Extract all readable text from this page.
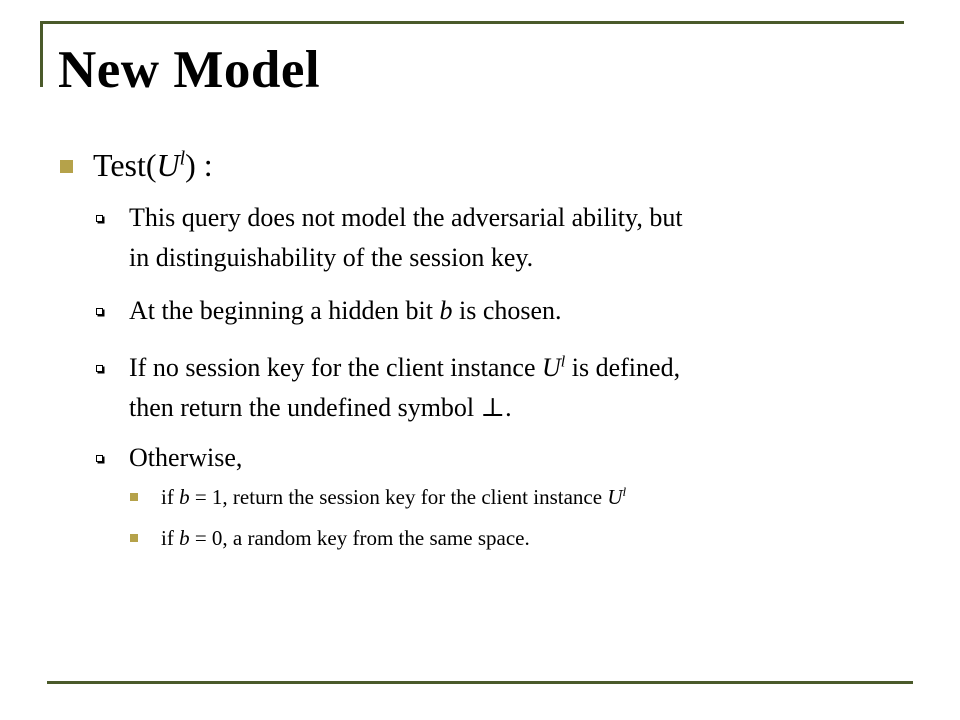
New Model
$Test(U^l)$ :
This query does not model the adversarial ability, but
in distinguishability of the session key.
At the beginning a hidden bit b is chosen.
If no session key for the client instance $U^l$ is defined,
then return the undefined symbol ⊥.
Otherwise,
if b = 1, return the session key for the client instance $U^l$
if b = 0, a random key from the same space.
